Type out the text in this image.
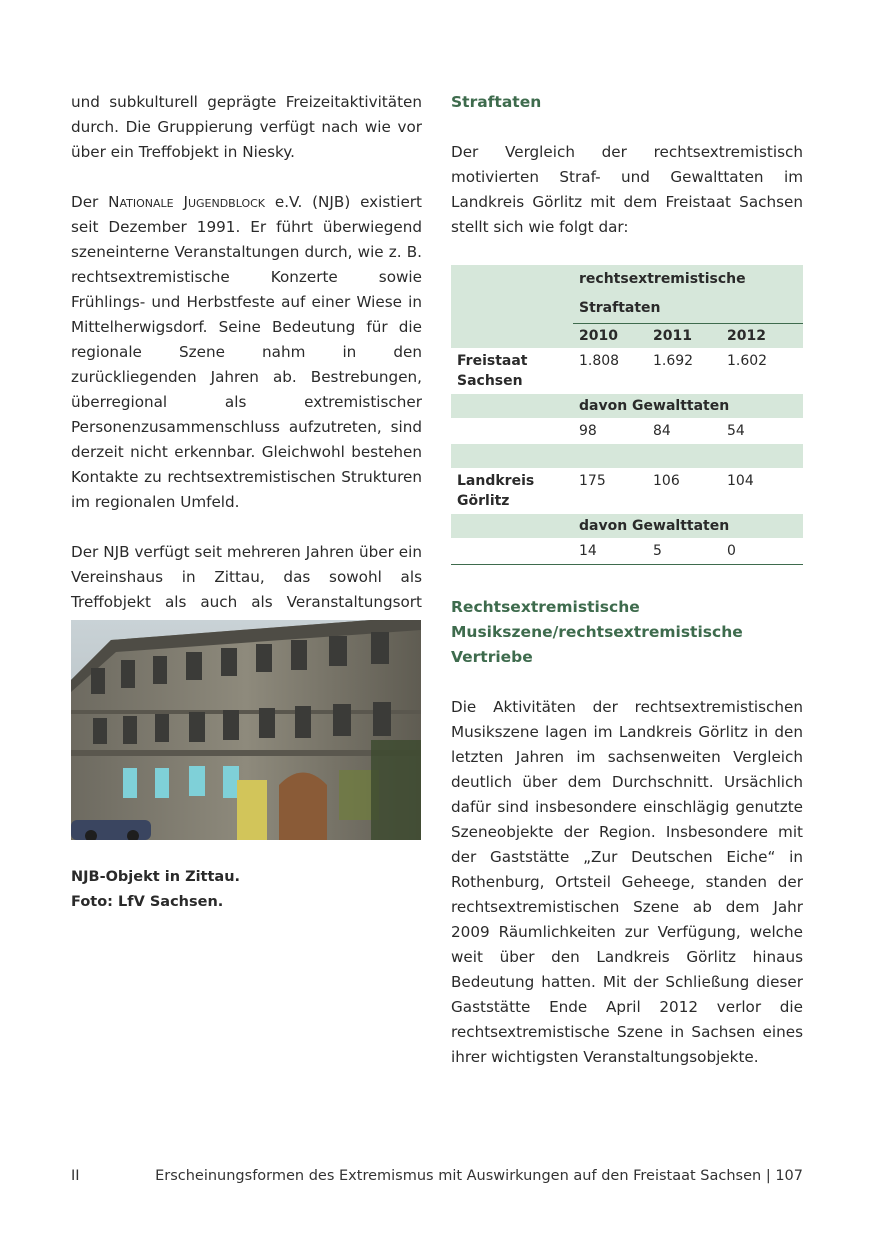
und subkulturell geprägte Freizeitaktivitäten durch. Die Gruppierung verfügt nach wie vor über ein Treffobjekt in Niesky.

Der Nationale Jugendblock e.V. (NJB) existiert seit Dezember 1991. Er führt überwiegend szeneinterne Veranstaltungen durch, wie z. B. rechtsextremistische Konzerte sowie Frühlings- und Herbstfeste auf einer Wiese in Mittelherwigsdorf. Seine Bedeutung für die regionale Szene nahm in den zurückliegenden Jahren ab. Bestrebungen, überregional als extremistischer Personenzusammenschluss aufzutreten, sind derzeit nicht erkennbar. Gleichwohl bestehen Kontakte zu rechtsextremistischen Strukturen im regionalen Umfeld.

Der NJB verfügt seit mehreren Jahren über ein Vereinshaus in Zittau, das sowohl als Treffobjekt als auch als Veranstaltungsort

NJB-Objekt in Zittau.
Foto: LfV Sachsen.
Straftaten

Der Vergleich der rechtsextremistisch motivierten Straf- und Gewalttaten im Landkreis Görlitz mit dem Freistaat Sachsen stellt sich wie folgt dar:

	rechtsextremistische Straftaten		
	2010	2011	2012
Freistaat Sachsen	1.808	1.692	1.602
	davon Gewalttaten		
	98	84	54

Landkreis Görlitz	175	106	104
	davon Gewalttaten		
	14	5	0
Rechtsextremistische Musikszene/rechtsextremistische Vertriebe

Die Aktivitäten der rechtsextremistischen Musikszene lagen im Landkreis Görlitz in den letzten Jahren im sachsenweiten Vergleich deutlich über dem Durchschnitt. Ursächlich dafür sind insbesondere einschlägig genutzte Szeneobjekte der Region. Insbesondere mit der Gaststätte „Zur Deutschen Eiche“ in Rothenburg, Ortsteil Geheege, standen der rechtsextremistischen Szene ab dem Jahr 2009 Räumlichkeiten zur Verfügung, welche weit über den Landkreis Görlitz hinaus Bedeutung hatten. Mit der Schließung dieser Gaststätte Ende April 2012 verlor die rechtsextremistische Szene in Sachsen eines ihrer wichtigsten Veranstaltungsobjekte.

II	Erscheinungsformen des Extremismus mit Auswirkungen auf den Freistaat Sachsen | 107
